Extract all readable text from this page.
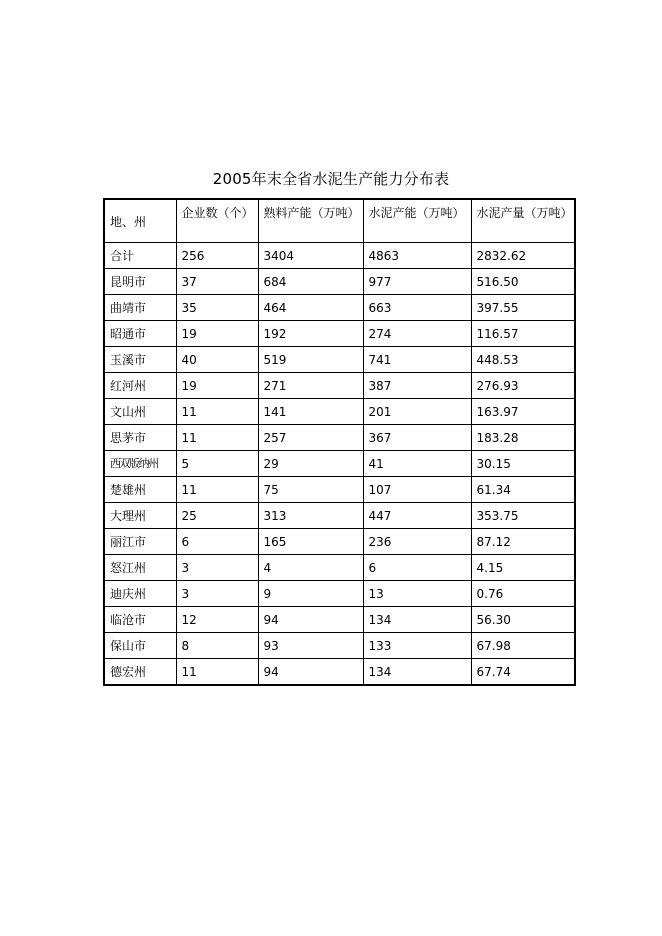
2005年末全省水泥生产能力分布表
地、州	企业数（个）	熟料产能（万吨）	水泥产能（万吨）	水泥产量（万吨）
合计	256	3404	4863	2832.62
昆明市	37	684	977	516.50
曲靖市	35	464	663	397.55
昭通市	19	192	274	116.57
玉溪市	40	519	741	448.53
红河州	19	271	387	276.93
文山州	11	141	201	163.97
思茅市	11	257	367	183.28
西双版纳州	5	29	41	30.15
楚雄州	11	75	107	61.34
大理州	25	313	447	353.75
丽江市	6	165	236	87.12
怒江州	3	4	6	4.15
迪庆州	3	9	13	0.76
临沧市	12	94	134	56.30
保山市	8	93	133	67.98
德宏州	11	94	134	67.74
